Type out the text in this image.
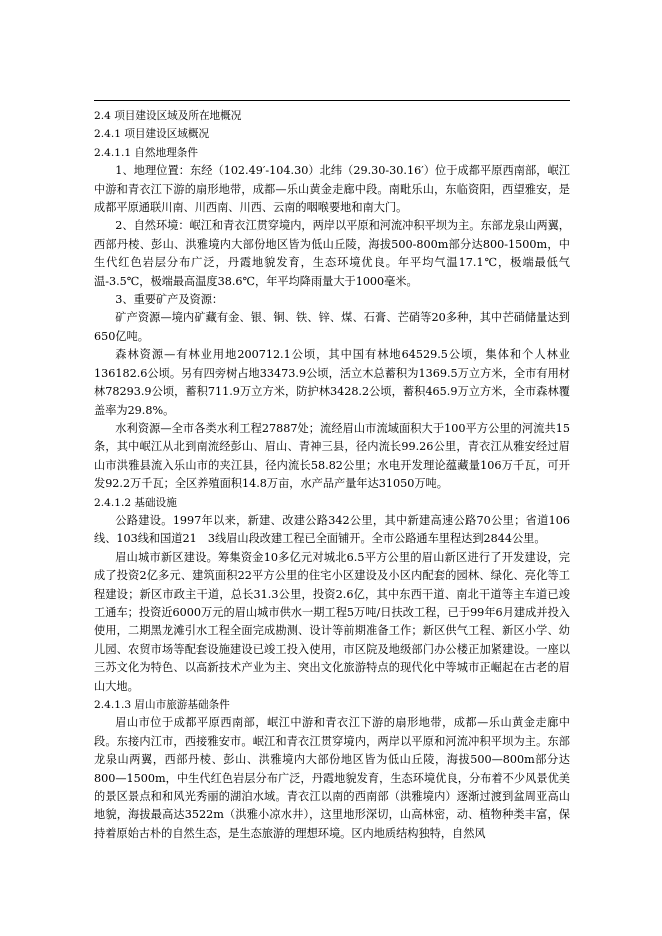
2.4 项目建设区域及所在地概况

2.4.1 项目建设区域概况

2.4.1.1 自然地理条件

1、地理位置：东经（102.49′-104.30）北纬（29.30-30.16′）位于成都平原西南部，岷江中游和青衣江下游的扇形地带，成都—乐山黄金走廊中段。南毗乐山，东临资阳，西望雅安，是成都平原通联川南、川西南、川西、云南的咽喉要地和南大门。

2、自然环境：岷江和青衣江贯穿境内，两岸以平原和河流冲积平坝为主。东部龙泉山两翼，西部丹棱、彭山、洪雅境内大部份地区皆为低山丘陵，海拔500-800m部分达800-1500m，中生代红色岩层分布广泛，丹霞地貌发育，生态环境优良。年平均气温17.1℃，极端最低气温-3.5℃，极端最高温度38.6℃，年平均降雨量大于1000毫米。

3、重要矿产及资源：

矿产资源—境内矿藏有金、银、铜、铁、锌、煤、石膏、芒硝等20多种，其中芒硝储量达到650亿吨。

森林资源—有林业用地200712.1公顷，其中国有林地64529.5公顷，集体和个人林业136182.6公顷。另有四旁树占地33473.9公顷，活立木总蓄积为1369.5万立方米，全市有用材林78293.9公顷，蓄积711.9万立方米，防护林3428.2公顷，蓄积465.9万立方米，全市森林覆盖率为29.8%。

水利资源—全市各类水利工程27887处；流经眉山市流域面积大于100平方公里的河流共15条，其中岷江从北到南流经彭山、眉山、青神三县，径内流长99.26公里，青衣江从雅安经过眉山市洪雅县流入乐山市的夹江县，径内流长58.82公里；水电开发理论蕴藏量106万千瓦，可开发92.2万千瓦；全区养殖面积14.8万亩，水产品产量年达31050万吨。

2.4.1.2 基础设施

公路建设。1997年以来，新建、改建公路342公里，其中新建高速公路70公里；省道106线、103线和国道21　3线眉山段改建工程已全面铺开。全市公路通车里程达到2844公里。

眉山城市新区建设。筹集资金10多亿元对城北6.5平方公里的眉山新区进行了开发建设，完成了投资2亿多元、建筑面积22平方公里的住宅小区建设及小区内配套的园林、绿化、亮化等工程建设；新区市政主干道，总长31.3公里，投资2.6亿，其中东西干道、南北干道等主车道已竣工通车；投资近6000万元的眉山城市供水一期工程5万吨/日扶改工程，已于99年6月建成并投入使用，二期黑龙滩引水工程全面完成勘测、设计等前期准备工作；新区供气工程、新区小学、幼儿园、农贸市场等配套设施建设已竣工投入使用，市区院及地级部门办公楼正加紧建设。一座以三苏文化为特色、以高新技术产业为主、突出文化旅游特点的现代化中等城市正崛起在古老的眉山大地。

2.4.1.3 眉山市旅游基础条件

眉山市位于成都平原西南部，岷江中游和青衣江下游的扇形地带，成都—乐山黄金走廊中段。东接内江市，西接雅安市。岷江和青衣江贯穿境内，两岸以平原和河流冲积平坝为主。东部龙泉山两翼，西部丹棱、彭山、洪雅境内大部份地区皆为低山丘陵，海拔500—800m部分达800—1500m，中生代红色岩层分布广泛，丹霞地貌发育，生态环境优良，分布着不少风景优美的景区景点和和风光秀丽的湖泊水域。青衣江以南的西南部（洪雅境内）逐渐过渡到盆周亚高山地貌，海拔最高达3522m（洪雅小凉水井），这里地形深切，山高林密，动、植物种类丰富，保持着原始古朴的自然生态，是生态旅游的理想环境。区内地质结构独特，自然风
